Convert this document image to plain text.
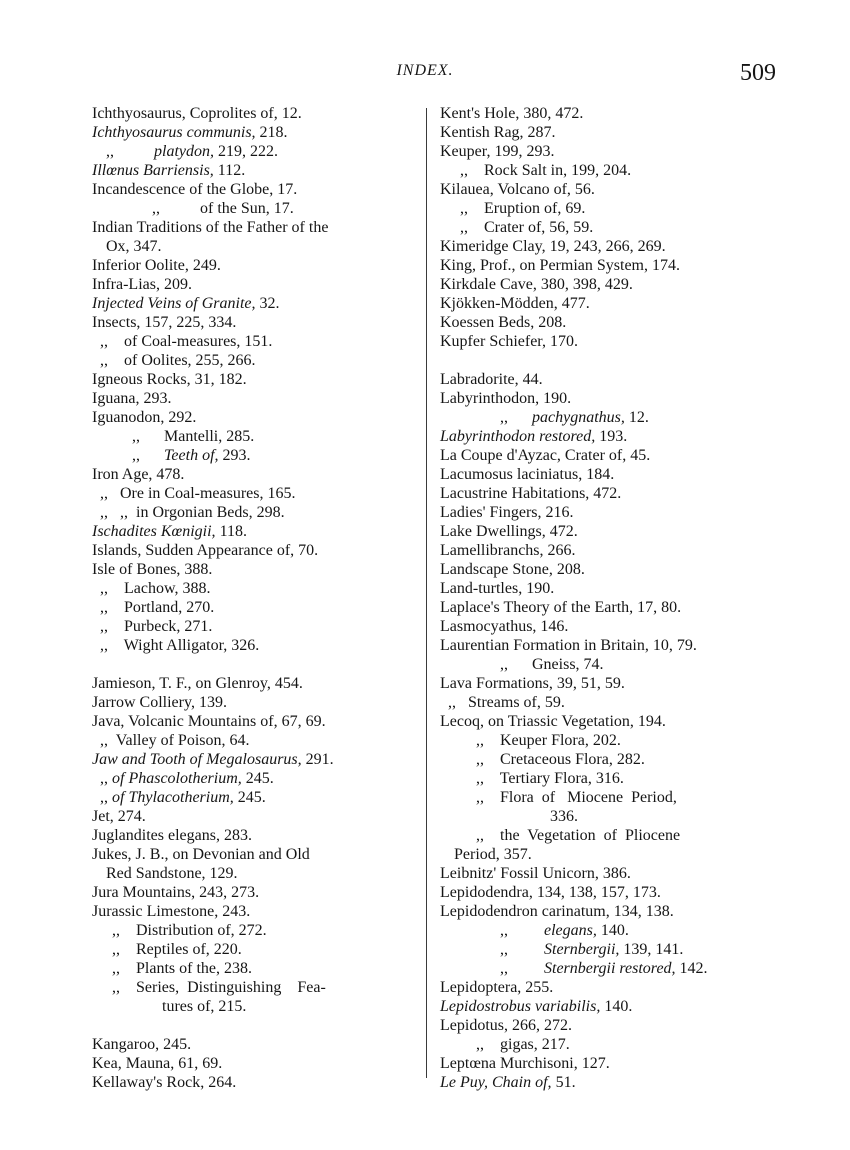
INDEX.	509
Ichthyosaurus, Coprolites of, 12.
Ichthyosaurus communis, 218.
,,          platydon, 219, 222.
Illœnus Barriensis, 112.
Incandescence of the Globe, 17.
,,          of the Sun, 17.
Indian Traditions of the Father of the
Ox, 347.
Inferior Oolite, 249.
Infra-Lias, 209.
Injected Veins of Granite, 32.
Insects, 157, 225, 334.
,,    of Coal-measures, 151.
,,    of Oolites, 255, 266.
Igneous Rocks, 31, 182.
Iguana, 293.
Iguanodon, 292.
,,      Mantelli, 285.
,,      Teeth of, 293.
Iron Age, 478.
,,   Ore in Coal-measures, 165.
,,   ,,  in Orgonian Beds, 298.
Ischadites Kœnigii, 118.
Islands, Sudden Appearance of, 70.
Isle of Bones, 388.
,,    Lachow, 388.
,,    Portland, 270.
,,    Purbeck, 271.
,,    Wight Alligator, 326.
Jamieson, T. F., on Glenroy, 454.
Jarrow Colliery, 139.
Java, Volcanic Mountains of, 67, 69.
,,  Valley of Poison, 64.
Jaw and Tooth of Megalosaurus, 291.
,, of Phascolotherium, 245.
,, of Thylacotherium, 245.
Jet, 274.
Juglandites elegans, 283.
Jukes, J. B., on Devonian and Old
Red Sandstone, 129.
Jura Mountains, 243, 273.
Jurassic Limestone, 243.
,,    Distribution of, 272.
,,    Reptiles of, 220.
,,    Plants of the, 238.
,,    Series,  Distinguishing    Fea-
tures of, 215.
Kangaroo, 245.
Kea, Mauna, 61, 69.
Kellaway's Rock, 264.
Kent's Hole, 380, 472.
Kentish Rag, 287.
Keuper, 199, 293.
,,    Rock Salt in, 199, 204.
Kilauea, Volcano of, 56.
,,    Eruption of, 69.
,,    Crater of, 56, 59.
Kimeridge Clay, 19, 243, 266, 269.
King, Prof., on Permian System, 174.
Kirkdale Cave, 380, 398, 429.
Kjökken-Mödden, 477.
Koessen Beds, 208.
Kupfer Schiefer, 170.
Labradorite, 44.
Labyrinthodon, 190.
,,      pachygnathus, 12.
Labyrinthodon restored, 193.
La Coupe d'Ayzac, Crater of, 45.
Lacumosus laciniatus, 184.
Lacustrine Habitations, 472.
Ladies' Fingers, 216.
Lake Dwellings, 472.
Lamellibranchs, 266.
Landscape Stone, 208.
Land-turtles, 190.
Laplace's Theory of the Earth, 17, 80.
Lasmocyathus, 146.
Laurentian Formation in Britain, 10, 79.
,,      Gneiss, 74.
Lava Formations, 39, 51, 59.
,,   Streams of, 59.
Lecoq, on Triassic Vegetation, 194.
,,    Keuper Flora, 202.
,,    Cretaceous Flora, 282.
,,    Tertiary Flora, 316.
,,    Flora  of   Miocene  Period,
336.
,,    the  Vegetation  of  Pliocene
Period, 357.
Leibnitz' Fossil Unicorn, 386.
Lepidodendra, 134, 138, 157, 173.
Lepidodendron carinatum, 134, 138.
,,         elegans, 140.
,,         Sternbergii, 139, 141.
,,         Sternbergii restored, 142.
Lepidoptera, 255.
Lepidostrobus variabilis, 140.
Lepidotus, 266, 272.
,,    gigas, 217.
Leptœna Murchisoni, 127.
Le Puy, Chain of, 51.
